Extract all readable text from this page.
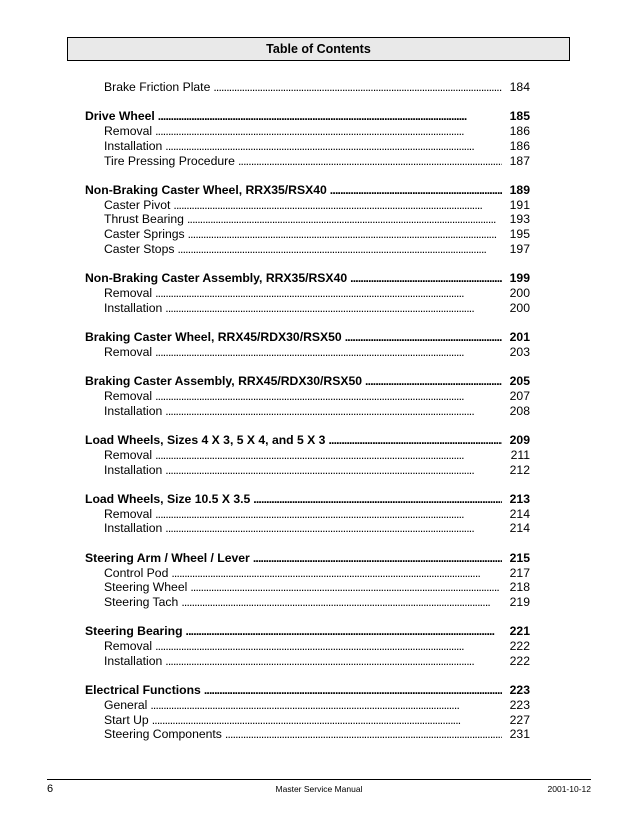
Table of Contents
Brake Friction Plate . . .	184
Drive Wheel . . .	185
Removal . . .	186
Installation . . .	186
Tire Pressing Procedure . . .	187
Non-Braking Caster Wheel, RRX35/RSX40 . . .	189
Caster Pivot . . .	191
Thrust Bearing . . .	193
Caster Springs . . .	195
Caster Stops . . .	197
Non-Braking Caster Assembly, RRX35/RSX40 . . .	199
Removal . . .	200
Installation . . .	200
Braking Caster Wheel, RRX45/RDX30/RSX50 . . .	201
Removal . . .	203
Braking Caster Assembly, RRX45/RDX30/RSX50 . . .	205
Removal . . .	207
Installation . . .	208
Load Wheels, Sizes 4 X 3, 5 X 4, and 5 X 3 . . .	209
Removal . . .	211
Installation . . .	212
Load Wheels, Size 10.5 X 3.5 . . .	213
Removal . . .	214
Installation . . .	214
Steering Arm / Wheel / Lever . . .	215
Control Pod . . .	217
Steering Wheel . . .	218
Steering Tach . . .	219
Steering Bearing . . .	221
Removal . . .	222
Installation . . .	222
Electrical Functions . . .	223
General . . .	223
Start Up . . .	227
Steering Components . . .	231
6	Master Service Manual	2001-10-12
